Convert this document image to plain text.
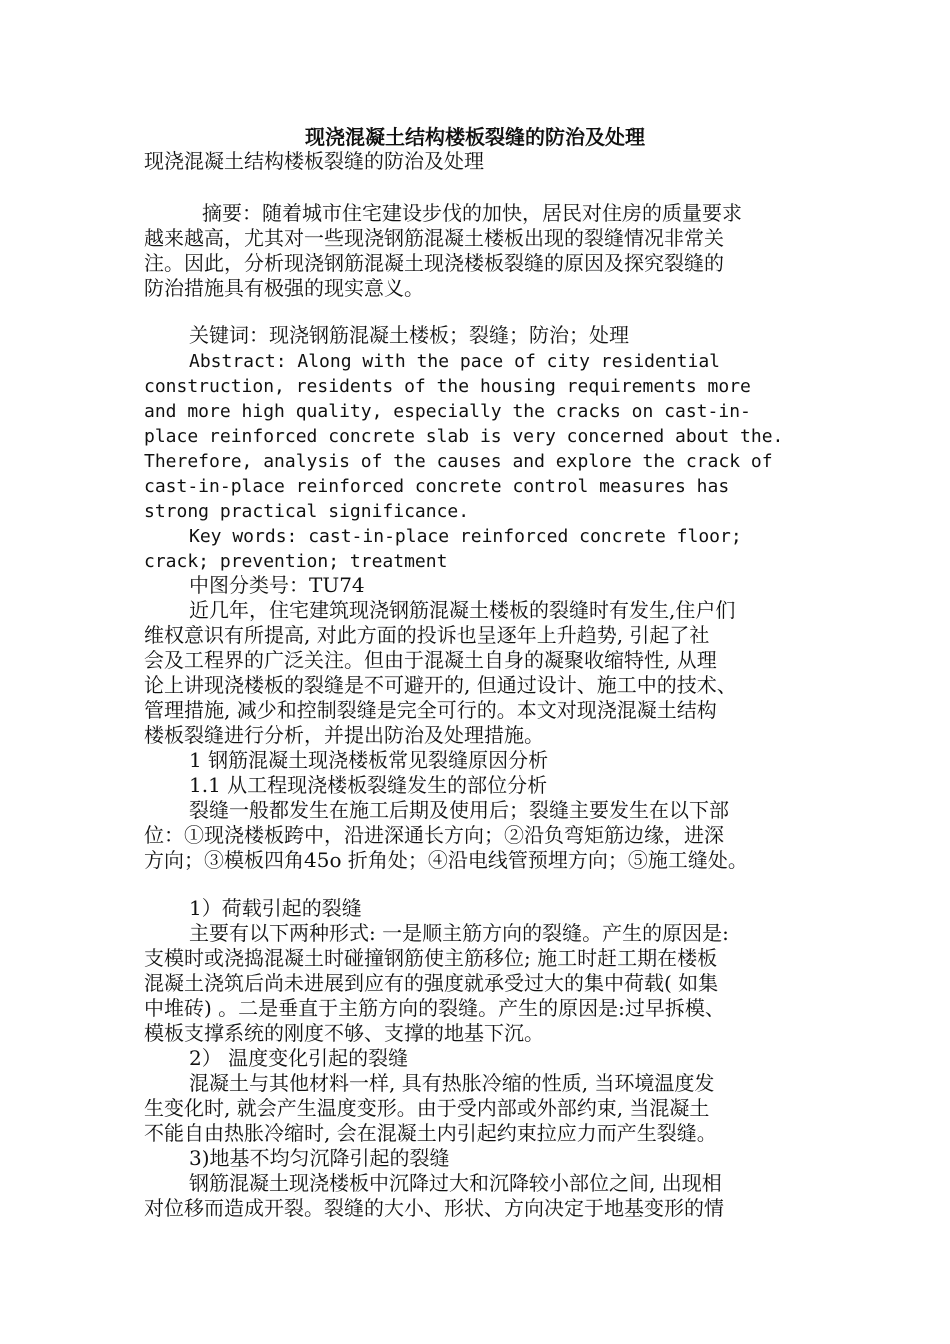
现浇混凝土结构楼板裂缝的防治及处理
现浇混凝土结构楼板裂缝的防治及处理
摘要：随着城市住宅建设步伐的加快，居民对住房的质量要求
越来越高，尤其对一些现浇钢筋混凝土楼板出现的裂缝情况非常关
注。因此，分析现浇钢筋混凝土现浇楼板裂缝的原因及探究裂缝的
防治措施具有极强的现实意义。
关键词：现浇钢筋混凝土楼板；裂缝；防治；处理
Abstract: Along with the pace of city residential
construction, residents of the housing requirements more
and more high quality, especially the cracks on cast-in-
place reinforced concrete slab is very concerned about the.
Therefore, analysis of the causes and explore the crack of
cast-in-place reinforced concrete control measures has
strong practical significance.
Key words: cast-in-place reinforced concrete floor;
crack; prevention; treatment
中图分类号：TU74
近几年，住宅建筑现浇钢筋混凝土楼板的裂缝时有发生,住户们
维权意识有所提高, 对此方面的投诉也呈逐年上升趋势, 引起了社
会及工程界的广泛关注。但由于混凝土自身的凝聚收缩特性, 从理
论上讲现浇楼板的裂缝是不可避开的, 但通过设计、施工中的技术、
管理措施, 减少和控制裂缝是完全可行的。本文对现浇混凝土结构
楼板裂缝进行分析，并提出防治及处理措施。
1 钢筋混凝土现浇楼板常见裂缝原因分析
1.1 从工程现浇楼板裂缝发生的部位分析
裂缝一般都发生在施工后期及使用后；裂缝主要发生在以下部
位：①现浇楼板跨中，沿进深通长方向；②沿负弯矩筋边缘，进深
方向；③模板四角45o 折角处；④沿电线管预埋方向；⑤施工缝处。
1）荷载引起的裂缝
主要有以下两种形式: 一是顺主筋方向的裂缝。产生的原因是:
支模时或浇捣混凝土时碰撞钢筋使主筋移位; 施工时赶工期在楼板
混凝土浇筑后尚未进展到应有的强度就承受过大的集中荷载( 如集
中堆砖) 。二是垂直于主筋方向的裂缝。产生的原因是:过早拆模、
模板支撑系统的刚度不够、支撑的地基下沉。
2） 温度变化引起的裂缝
混凝土与其他材料一样, 具有热胀冷缩的性质, 当环境温度发
生变化时, 就会产生温度变形。由于受内部或外部约束, 当混凝土
不能自由热胀冷缩时, 会在混凝土内引起约束拉应力而产生裂缝。
3)地基不均匀沉降引起的裂缝
钢筋混凝土现浇楼板中沉降过大和沉降较小部位之间, 出现相
对位移而造成开裂。裂缝的大小、形状、方向决定于地基变形的情
